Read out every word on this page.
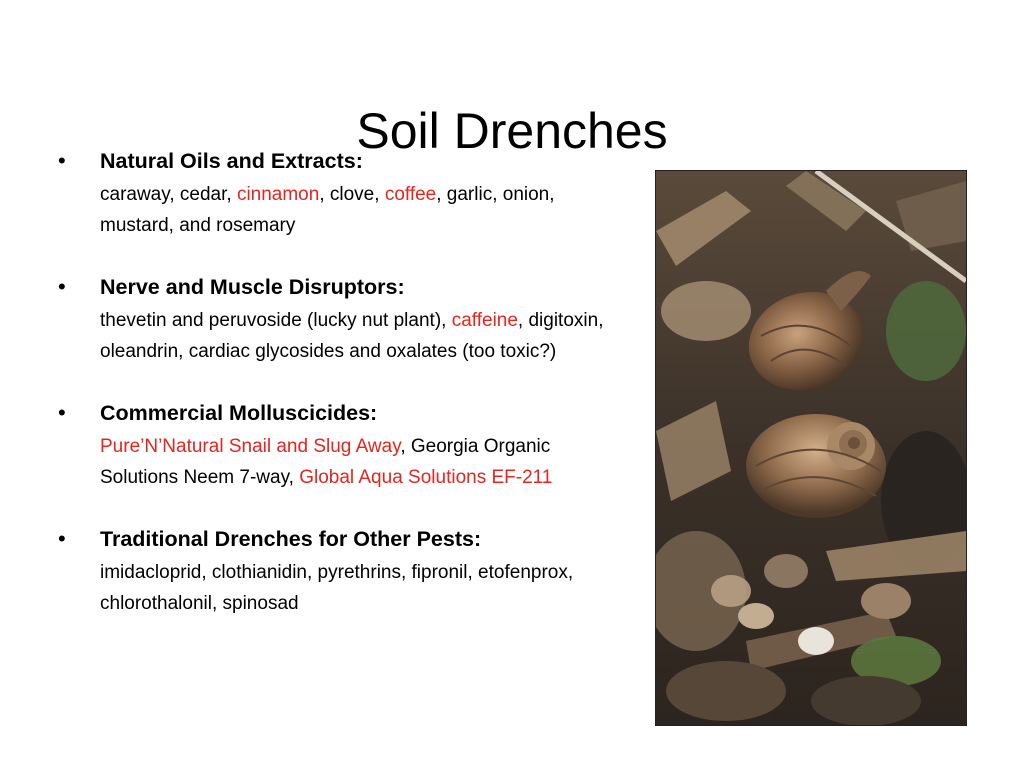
Soil Drenches
•	Natural Oils and Extracts:
caraway, cedar, cinnamon, clove, coffee, garlic, onion, mustard, and rosemary
•	Nerve and Muscle Disruptors:
thevetin and peruvoside (lucky nut plant), caffeine, digitoxin, oleandrin, cardiac glycosides and oxalates (too toxic?)
•	Commercial Molluscicides:
Pure’N’Natural Snail and Slug Away, Georgia Organic Solutions Neem 7-way, Global Aqua Solutions EF-211
•	Traditional Drenches for Other Pests:
imidacloprid, clothianidin, pyrethrins, fipronil, etofenprox, chlorothalonil, spinosad
